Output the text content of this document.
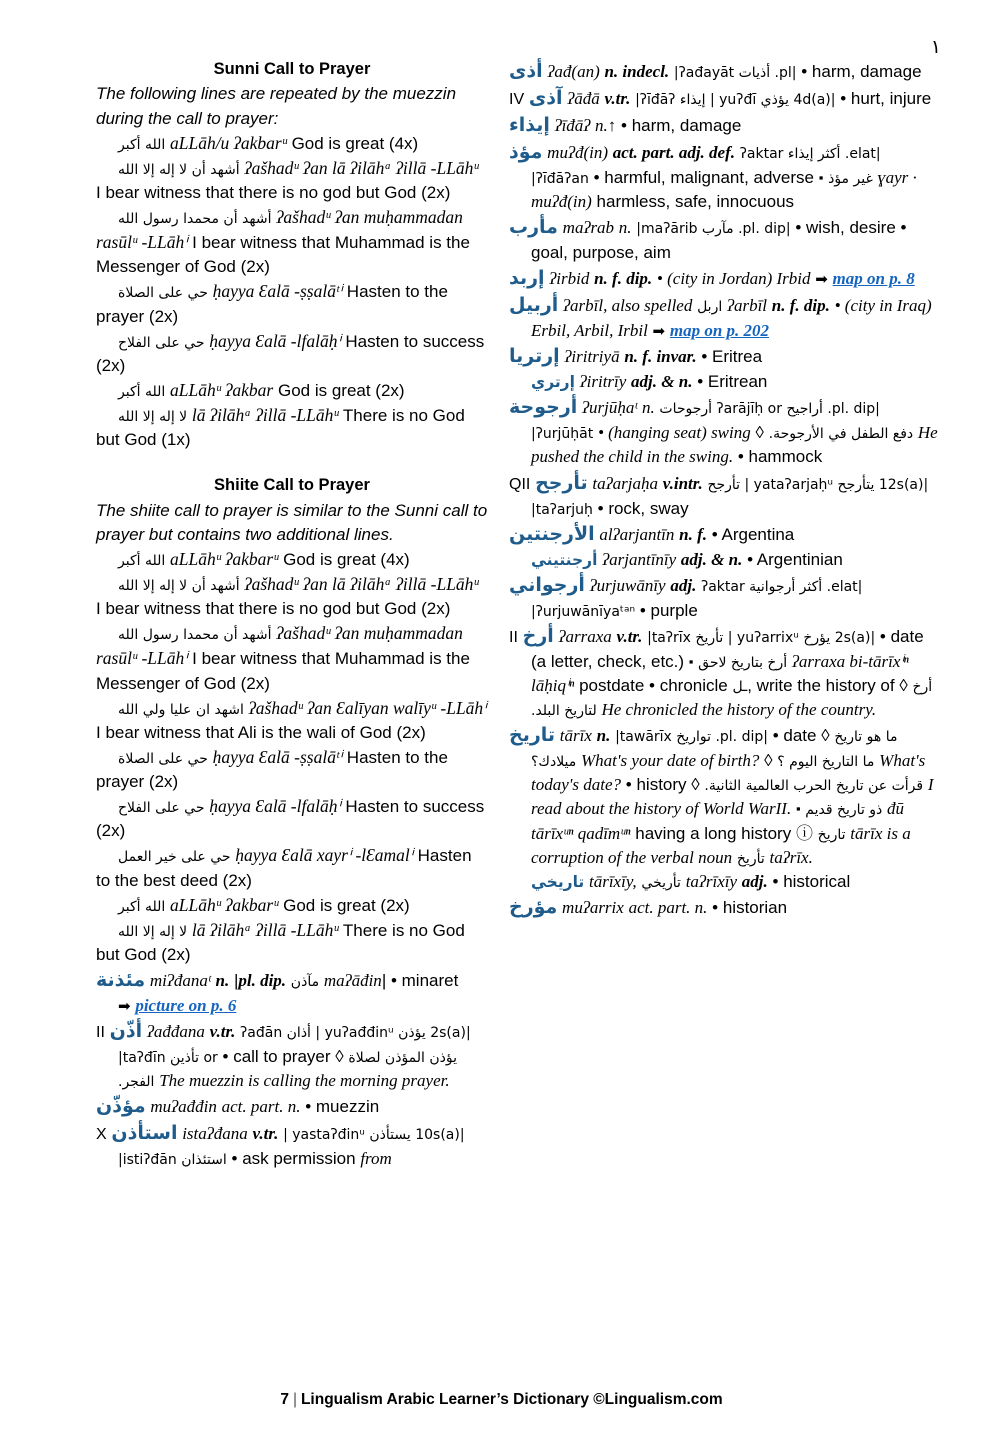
١
Sunni Call to Prayer
The following lines are repeated by the muezzin during the call to prayer:
الله أكبر aLLāh/u ʔakbarᵘ God is great (4x)
أشهد أن لا إله إلا الله ʔašhadᵘ ʔan lā ʔilāhᵃ ʔillā -LLāhᵘ I bear witness that there is no god but God (2x)
أشهد أن محمدا رسول الله ʔašhadᵘ ʔan muḥammadan rasūlᵘ -LLāhⁱ I bear witness that Muhammad is the Messenger of God (2x)
حي على الصلاة ḥayya Ɛalā -ṣṣalāᵗⁱ Hasten to the prayer (2x)
حي على الفلاح ḥayya Ɛalā -lfalāḥⁱ Hasten to success (2x)
الله أكبر aLLāhᵘ ʔakbar God is great (2x)
لا إله إلا الله lā ʔilāhᵃ ʔillā -LLāhᵘ There is no God but God (1x)
Shiite Call to Prayer
The shiite call to prayer is similar to the Sunni call to prayer but contains two additional lines.
الله أكبر aLLāhᵘ ʔakbarᵘ God is great (4x)
أشهد أن لا إله إلا الله ʔašhadᵘ ʔan lā ʔilāhᵃ ʔillā -LLāhᵘ I bear witness that there is no god but God (2x)
أشهد أن محمدا رسول الله ʔašhadᵘ ʔan muḥammadan rasūlᵘ -LLāhⁱ I bear witness that Muhammad is the Messenger of God (2x)
اشهد ان عليا ولي الله ʔašhadᵘ ʔan Ɛalīyan walīyᵘ -LLāhⁱ I bear witness that Ali is the wali of God (2x)
حي على الصلاة ḥayya Ɛalā -ṣṣalāᵗⁱ Hasten to the prayer (2x)
حي على الفلاح ḥayya Ɛalā -lfalāḥⁱ Hasten to success (2x)
حي على خير العمل ḥayya Ɛalā xayrⁱ -lƐamalⁱ Hasten to the best deed (2x)
الله أكبر aLLāhᵘ ʔakbarᵘ God is great (2x)
لا إله إلا الله lā ʔilāhᵃ ʔillā -LLāhᵘ There is no God but God (2x)
مئذنة miʔđanaᵗ n. |pl. dip. مآذن maʔāđin| • minaret
➡ picture on p. 6
II أذّن ʔađđana v.tr. |2s(a) يؤذن yuʔađđinᵘ | أذان ʔađān or تأذين taʔđīn| • call to prayer ◊ يؤذن المؤذن لصلاة الفجر. The muezzin is calling the morning prayer.
مؤذّن muʔađđin act. part. n. • muezzin
X استأذن istaʔđana v.tr. |10s(a) يستأذن yastaʔđinᵘ | استئذان istiʔđān| • ask permission from
أذى ʔađ(an) n. indecl. |pl. أذيات ʔađayāt| • harm, damage
IV آذى ʔāđā v.tr. |4d(a) يؤذي yuʔđī | إيذاء ʔīđāʔ| • hurt, injure
إيذاء ʔīđāʔ n.↑ • harm, damage
مؤذ muʔđ(in) act. part. adj. def. |elat. أكثر إيذاء ʔaktar ʔīđāʔan| • harmful, malignant, adverse ▪ غير مؤذ ɣayr · muʔđ(in) harmless, safe, innocuous
مأرب maʔrab n. |pl. dip. مآرب maʔārib| • wish, desire • goal, purpose, aim
إربد ʔirbid n. f. dip. • (city in Jordan) Irbid ➡ map on p. 8
أربيل ʔarbīl, also spelled اربل ʔarbīl n. f. dip. • (city in Iraq) Erbil, Arbil, Irbil ➡ map on p. 202
إرتريا ʔiritriyā n. f. invar. • Eritrea
إرتري ʔiritrīy adj. & n. • Eritrean
أرجوحة ʔurjūḥaᵗ n. |pl. dip. أراجيح ʔarājīḥ or أرجوحات ʔurjūḥāt| • (hanging seat) swing ◊ دفع الطفل في الأرجوحة. He pushed the child in the swing. • hammock
QII تأرجح taʔarjaḥa v.intr. |12s(a) يتأرجح yataʔarjaḥᵘ | تأرجح taʔarjuḥ| • rock, sway
الأرجنتين alʔarjantīn n. f. • Argentina
أرجنتيني ʔarjantīnīy adj. & n. • Argentinian
أرجواني ʔurjuwānīy adj. |elat. أكثر أرجوانية ʔaktar ʔurjuwānīyaᵗᵃⁿ| • purple
II أرخ ʔarraxa v.tr. |2s(a) يؤرخ yuʔarrixᵘ | تأريخ taʔrīx| • date (a letter, check, etc.) ▪ أرخ بتاريخ لاحق ʔarraxa bi-tārīxⁱⁿ lāḥiqⁱⁿ postdate • chronicle ـل, write the history of ◊ أرخ لتاريخ البلد. He chronicled the history of the country.
تاريخ tārīx n. |pl. dip. تواريخ tawārīx| • date ◊ ما هو تاريخ ميلادك؟ What's your date of birth? ◊ ما التاريخ اليوم ؟ What's today's date? • history ◊ قرأت عن تاريخ الحرب العالمية الثانية. I read about the history of World WarII. ▪ ذو تاريخ قديم đū tārīxᵘⁿ qadīmᵘⁿ having a long history ⓘ تاريخ tārīx is a corruption of the verbal noun تأريخ taʔrīx.
تاريخي tārīxīy, تأريخي taʔrīxīy adj. • historical
مؤرخ muʔarrix act. part. n. • historian
7 | Lingualism Arabic Learner’s Dictionary ©Lingualism.com
